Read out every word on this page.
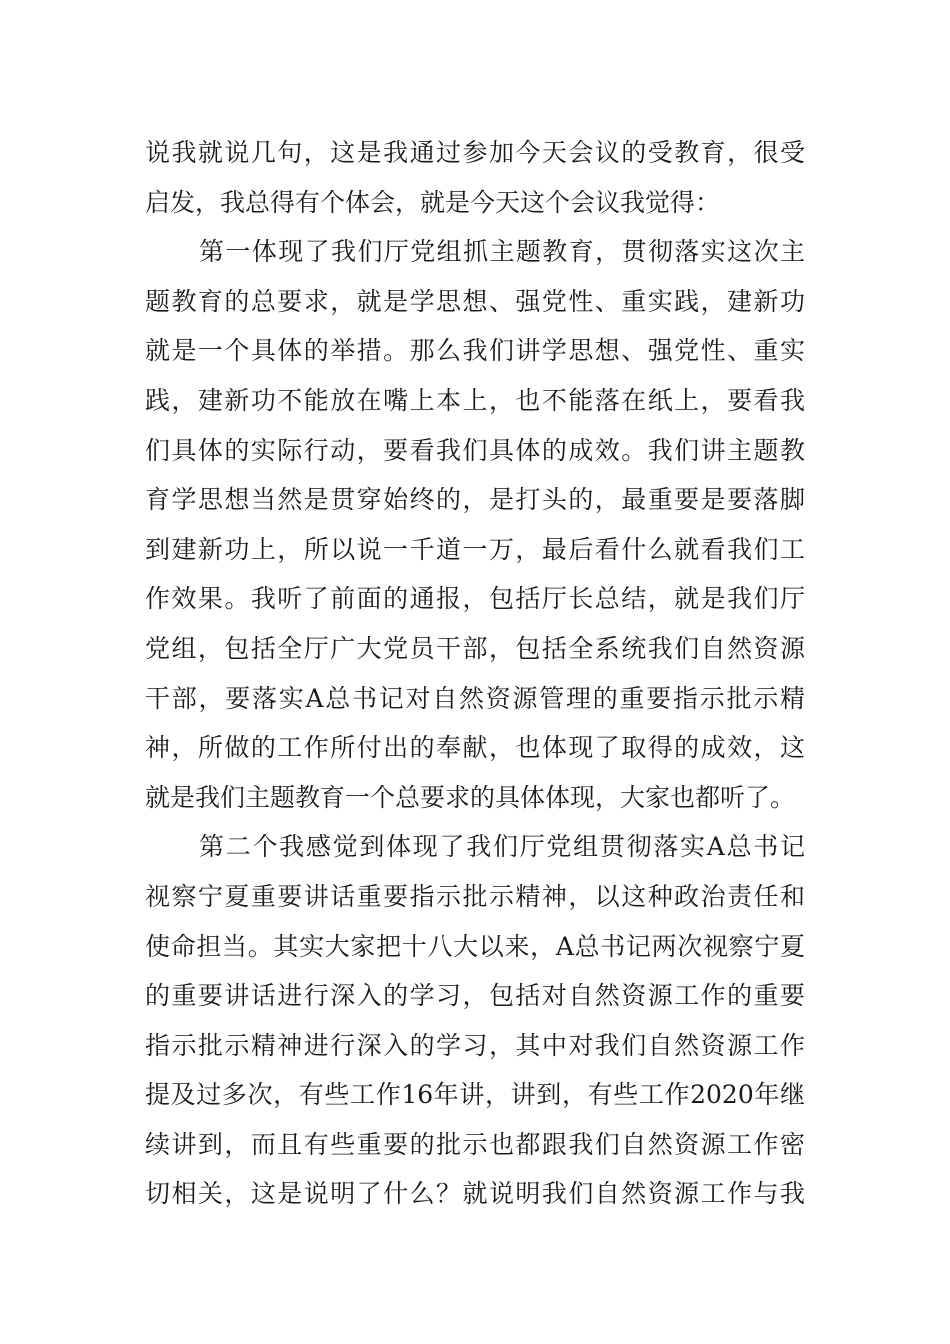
说我就说几句，这是我通过参加今天会议的受教育，很受
启发，我总得有个体会，就是今天这个会议我觉得：
第一体现了我们厅党组抓主题教育，贯彻落实这次主
题教育的总要求，就是学思想、强党性、重实践，建新功
就是一个具体的举措。那么我们讲学思想、强党性、重实
践，建新功不能放在嘴上本上，也不能落在纸上，要看我
们具体的实际行动，要看我们具体的成效。我们讲主题教
育学思想当然是贯穿始终的，是打头的，最重要是要落脚
到建新功上，所以说一千道一万，最后看什么就看我们工
作效果。我听了前面的通报，包括厅长总结，就是我们厅
党组，包括全厅广大党员干部，包括全系统我们自然资源
干部，要落实A总书记对自然资源管理的重要指示批示精
神，所做的工作所付出的奉献，也体现了取得的成效，这
就是我们主题教育一个总要求的具体体现，大家也都听了。
第二个我感觉到体现了我们厅党组贯彻落实A总书记
视察宁夏重要讲话重要指示批示精神，以这种政治责任和
使命担当。其实大家把十八大以来，A总书记两次视察宁夏
的重要讲话进行深入的学习，包括对自然资源工作的重要
指示批示精神进行深入的学习，其中对我们自然资源工作
提及过多次，有些工作16年讲，讲到，有些工作2020年继
续讲到，而且有些重要的批示也都跟我们自然资源工作密
切相关，这是说明了什么？就说明我们自然资源工作与我
